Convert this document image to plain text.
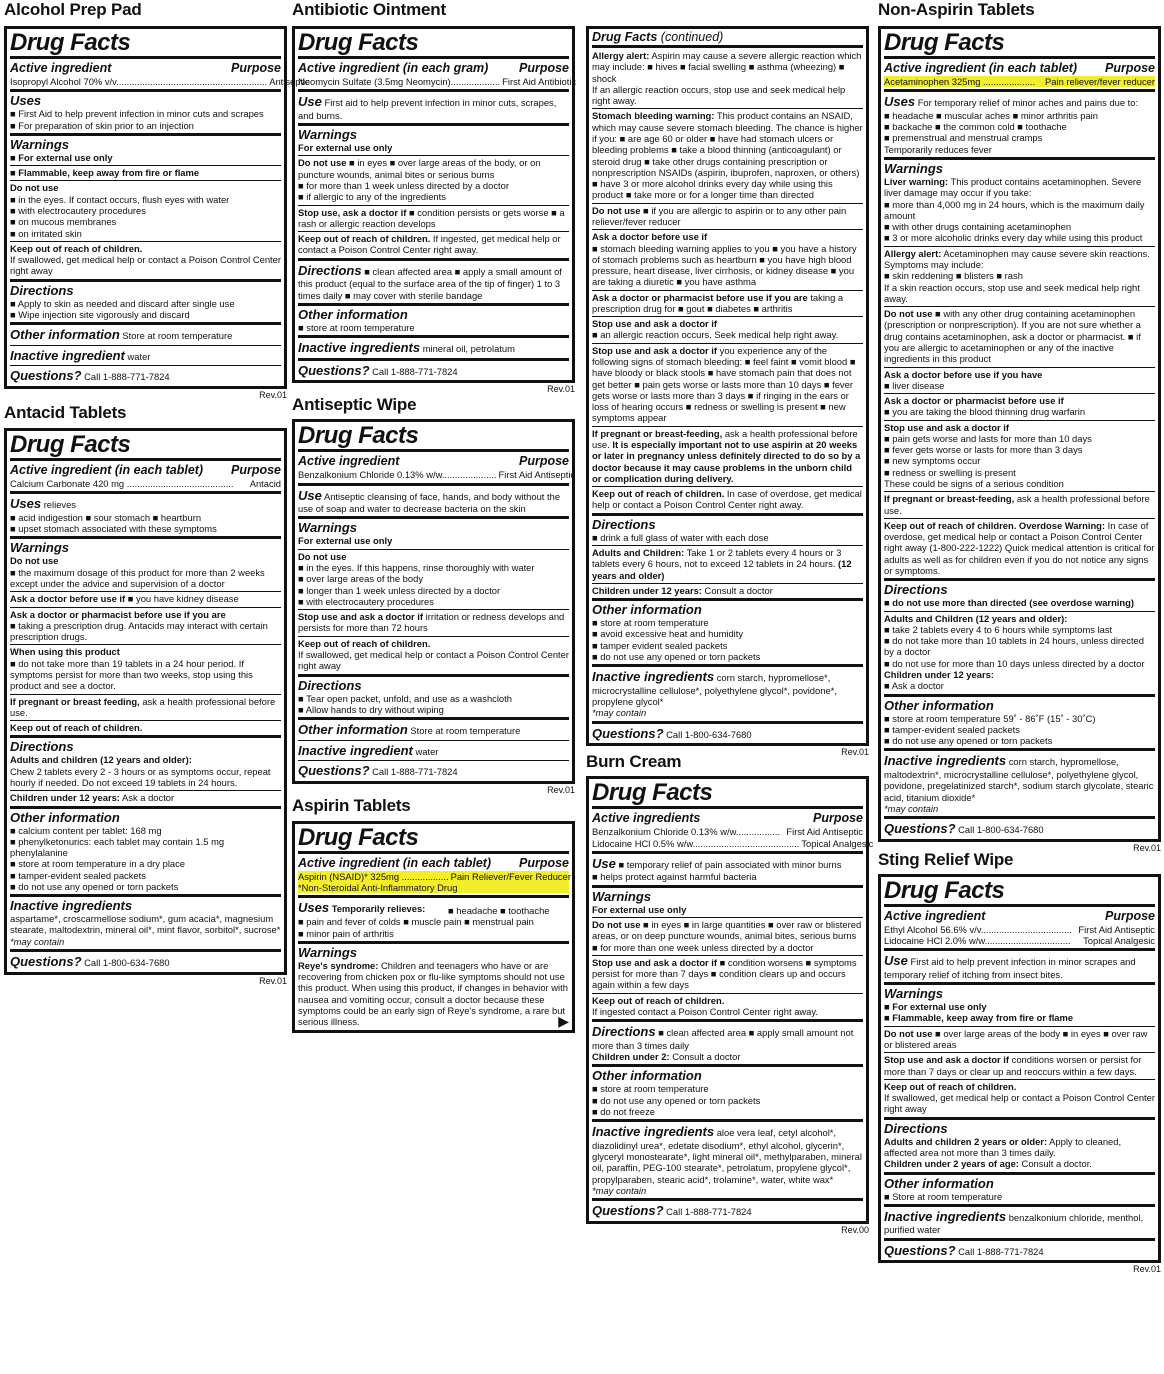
Alcohol Prep Pad
Drug Facts
Active ingredient	Purpose
Isopropyl Alcohol 70% v/v.......................................................... Antiseptic
Uses
■ First Aid to help prevent infection in minor cuts and scrapes
■ For preparation of skin prior to an injection
Warnings
■ For external use only
■ Flammable, keep away from fire or flame
Do not use
■ in the eyes. If contact occurs, flush eyes with water
■ with electrocautery procedures
■ on mucous membranes
■ on irritated skin
Keep out of reach of children.
If swallowed, get medical help or contact a Poison Control Center right away
Directions
■ Apply to skin as needed and discard after single use
■ Wipe injection site vigorously and discard
Other information Store at room temperature
Inactive ingredient water
Questions? Call 1-888-771-7824
Rev.01
Antacid Tablets
Drug Facts
Active ingredient (in each tablet) Purpose
Calcium Carbonate 420 mg ......................................... Antacid
Uses relieves
■ acid indigestion ■ sour stomach ■ heartburn
■ upset stomach associated with these symptoms
Warnings
Do not use
■ the maximum dosage of this product for more than 2 weeks except under the advice and supervision of a doctor
Ask a doctor before use if ■ you have kidney disease
Ask a doctor or pharmacist before use if you are
■ taking a prescription drug. Antacids may interact with certain prescription drugs.
When using this product
■ do not take more than 19 tablets in a 24 hour period. If symptoms persist for more than two weeks, stop using this product and see a doctor.
If pregnant or breast feeding, ask a health professional before use.
Keep out of reach of children.
Directions
Adults and children (12 years and older):
Chew 2 tablets every 2 - 3 hours or as symptoms occur, repeat hourly if needed. Do not exceed 19 tablets in 24 hours.
Children under 12 years: Ask a doctor
Other information
■ calcium content per tablet: 168 mg
■ phenylketonurics: each tablet may contain 1.5 mg phenylalanine
■ store at room temperature in a dry place
■ tamper-evident sealed packets
■ do not use any opened or torn packets
Inactive ingredients
aspartame*, croscarmellose sodium*, gum acacia*, magnesium stearate, maltodextrin, mineral oil*, mint flavor, sorbitol*, sucrose*
*may contain
Questions? Call 1-800-634-7680
Rev.01
Antibiotic Ointment
Drug Facts
Active ingredient (in each gram) Purpose
Neomycin Sulfate (3.5mg Neomycin)................... First Aid Antibiotic
Use First aid to help prevent infection in minor cuts, scrapes, and burns.
Warnings
For external use only
Do not use ■ in eyes ■ over large areas of the body, or on puncture wounds, animal bites or serious burns
■ for more than 1 week unless directed by a doctor
■ if allergic to any of the ingredients
Stop use, ask a doctor if ■ condition persists or gets worse ■ a rash or allergic reaction develops
Keep out of reach of children. If ingested, get medical help or contact a Poison Control Center right away.
Directions ■ clean affected area ■ apply a small amount of this product (equal to the surface area of the tip of finger) 1 to 3 times daily ■ may cover with sterile bandage
Other information
■ store at room temperature
Inactive ingredients mineral oil, petrolatum
Questions? Call 1-888-771-7824
Rev.01
Antiseptic Wipe
Drug Facts
Active ingredient	Purpose
Benzalkonium Chloride 0.13% w/w..................... First Aid Antiseptic
Use Antiseptic cleansing of face, hands, and body without the use of soap and water to decrease bacteria on the skin
Warnings
For external use only
Do not use
■ in the eyes. If this happens, rinse thoroughly with water
■ over large areas of the body
■ longer than 1 week unless directed by a doctor
■ with electrocautery procedures
Stop use and ask a doctor if irritation or redness develops and persists for more than 72 hours
Keep out of reach of children.
If swallowed, get medical help or contact a Poison Control Center right away
Directions
■ Tear open packet, unfold, and use as a washcloth
■ Allow hands to dry without wiping
Other information Store at room temperature
Inactive ingredient water
Questions? Call 1-888-771-7824
Rev.01
Aspirin Tablets
Drug Facts
Active ingredient (in each tablet) Purpose
Aspirin (NSAID)* 325mg .................. Pain Reliever/Fever Reducer
*Non-Steroidal Anti-Inflammatory Drug
Uses Temporarily relieves:	■ headache ■ toothache
■ pain and fever of colds ■ muscle pain ■ menstrual pain
■ minor pain of arthritis
Warnings
Reye's syndrome: Children and teenagers who have or are recovering from chicken pox or flu-like symptoms should not use this product. When using this product, if changes in behavior with nausea and vomiting occur, consult a doctor because these symptoms could be an early sign of Reye's syndrome, a rare but serious illness.	▶
Drug Facts (continued)
Allergy alert: Aspirin may cause a severe allergic reaction which may include: ■ hives ■ facial swelling ■ asthma (wheezing) ■ shock
If an allergic reaction occurs, stop use and seek medical help right away.
Stomach bleeding warning: This product contains an NSAID, which may cause severe stomach bleeding. The chance is higher if you: ■ are age 60 or older ■ have had stomach ulcers or bleeding problems ■ take a blood thinning (anticoagulant) or steroid drug ■ take other drugs containing prescription or nonprescription NSAIDs (aspirin, ibuprofen, naproxen, or others) ■ have 3 or more alcohol drinks every day while using this product ■ take more or for a longer time than directed
Do not use ■ if you are allergic to aspirin or to any other pain reliever/fever reducer
Ask a doctor before use if
■ stomach bleeding warning applies to you ■ you have a history of stomach problems such as heartburn ■ you have high blood pressure, heart disease, liver cirrhosis, or kidney disease ■ you are taking a diuretic ■ you have asthma
Ask a doctor or pharmacist before use if you are taking a prescription drug for ■ gout ■ diabetes ■ arthritis
Stop use and ask a doctor if
■ an allergic reaction occurs. Seek medical help right away.
Stop use and ask a doctor if you experience any of the following signs of stomach bleeding: ■ feel faint ■ vomit blood ■ have bloody or black stools ■ have stomach pain that does not get better ■ pain gets worse or lasts more than 10 days ■ fever gets worse or lasts more than 3 days ■ if ringing in the ears or loss of hearing occurs ■ redness or swelling is present ■ new symptoms appear
If pregnant or breast-feeding, ask a health professional before use. It is especially important not to use aspirin at 20 weeks or later in pregnancy unless definitely directed to do so by a doctor because it may cause problems in the unborn child or complication during delivery.
Keep out of reach of children. In case of overdose, get medical help or contact a Poison Control Center right away.
Directions
■ drink a full glass of water with each dose
Adults and Children: Take 1 or 2 tablets every 4 hours or 3 tablets every 6 hours, not to exceed 12 tablets in 24 hours. (12 years and older)
Children under 12 years: Consult a doctor
Other information
■ store at room temperature
■ avoid excessive heat and humidity
■ tamper evident sealed packets
■ do not use any opened or torn packets
Inactive ingredients corn starch, hypromellose*, microcrystalline cellulose*, polyethylene glycol*, povidone*, propylene glycol*
*may contain
Questions? Call 1-800-634-7680
Rev.01
Burn Cream
Drug Facts
Active ingredients	Purpose
Benzalkonium Chloride 0.13% w/w................. First Aid Antiseptic
Lidocaine HCl 0.5% w/w......................................... Topical Analgesic
Use ■ temporary relief of pain associated with minor burns
■ helps protect against harmful bacteria
Warnings
For external use only
Do not use ■ in eyes ■ in large quantities ■ over raw or blistered areas, or on deep puncture wounds, animal bites, serious burns ■ for more than one week unless directed by a doctor
Stop use and ask a doctor if ■ condition worsens ■ symptoms persist for more than 7 days ■ condition clears up and occurs again within a few days
Keep out of reach of children.
If ingested contact a Poison Control Center right away.
Directions ■ clean affected area ■ apply small amount not more than 3 times daily
Children under 2: Consult a doctor
Other information
■ store at room temperature
■ do not use any opened or torn packets
■ do not freeze
Inactive ingredients aloe vera leaf, cetyl alcohol*, diazolidinyl urea*, edetate disodium*, ethyl alcohol, glycerin*, glyceryl monostearate*, light mineral oil*, methylparaben, mineral oil, paraffin, PEG-100 stearate*, petrolatum, propylene glycol*, propylparaben, stearic acid*, trolamine*, water, white wax*
*may contain
Questions? Call 1-888-771-7824
Rev.00
Non-Aspirin Tablets
Drug Facts
Active ingredient (in each tablet) Purpose
Acetaminophen 325mg .................... Pain reliever/fever reducer
Uses For temporary relief of minor aches and pains due to:
■ headache ■ muscular aches ■ minor arthritis pain
■ backache ■ the common cold ■ toothache
■ premenstrual and menstrual cramps
Temporarily reduces fever
Warnings
Liver warning: This product contains acetaminophen. Severe liver damage may occur if you take:
■ more than 4,000 mg in 24 hours, which is the maximum daily amount
■ with other drugs containing acetaminophen
■ 3 or more alcoholic drinks every day while using this product
Allergy alert: Acetaminophen may cause severe skin reactions. Symptoms may include:
■ skin reddening ■ blisters ■ rash
If a skin reaction occurs, stop use and seek medical help right away.
Do not use ■ with any other drug containing acetaminophen (prescription or nonprescription). If you are not sure whether a drug contains acetaminophen, ask a doctor or pharmacist. ■ if you are allergic to acetaminophen or any of the inactive ingredients in this product
Ask a doctor before use if you have
■ liver disease
Ask a doctor or pharmacist before use if
■ you are taking the blood thinning drug warfarin
Stop use and ask a doctor if
■ pain gets worse and lasts for more than 10 days
■ fever gets worse or lasts for more than 3 days
■ new symptoms occur
■ redness or swelling is present
These could be signs of a serious condition
If pregnant or breast-feeding, ask a health professional before use.
Keep out of reach of children. Overdose Warning: In case of overdose, get medical help or contact a Poison Control Center right away (1-800-222-1222) Quick medical attention is critical for adults as well as for children even if you do not notice any signs or symptoms.
Directions
■ do not use more than directed (see overdose warning)
Adults and Children (12 years and older):
■ take 2 tablets every 4 to 6 hours while symptoms last
■ do not take more than 10 tablets in 24 hours, unless directed by a doctor
■ do not use for more than 10 days unless directed by a doctor
Children under 12 years:
■ Ask a doctor
Other information
■ store at room temperature 59˚ - 86˚F (15˚ - 30˚C)
■ tamper-evident sealed packets
■ do not use any opened or torn packets
Inactive ingredients corn starch, hypromellose, maltodextrin*, microcrystalline cellulose*, polyethylene glycol, povidone, pregelatinized starch*, sodium starch glycolate, stearic acid, titanium dioxide*
*may contain
Questions? Call 1-800-634-7680
Rev.01
Sting Relief Wipe
Drug Facts
Active ingredient	Purpose
Ethyl Alcohol 56.6% v/v................................... First Aid Antiseptic
Lidocaine HCl 2.0% w/w................................. Topical Analgesic
Use First aid to help prevent infection in minor scrapes and temporary relief of itching from insect bites.
Warnings
■ For external use only
■ Flammable, keep away from fire or flame
Do not use ■ over large areas of the body ■ in eyes ■ over raw or blistered areas
Stop use and ask a doctor if conditions worsen or persist for more than 7 days or clear up and reoccurs within a few days.
Keep out of reach of children.
If swallowed, get medical help or contact a Poison Control Center right away
Directions
Adults and children 2 years or older: Apply to cleaned, affected area not more than 3 times daily.
Children under 2 years of age: Consult a doctor.
Other information
■ Store at room temperature
Inactive ingredients benzalkonium chloride, menthol, purified water
Questions? Call 1-888-771-7824
Rev.01
